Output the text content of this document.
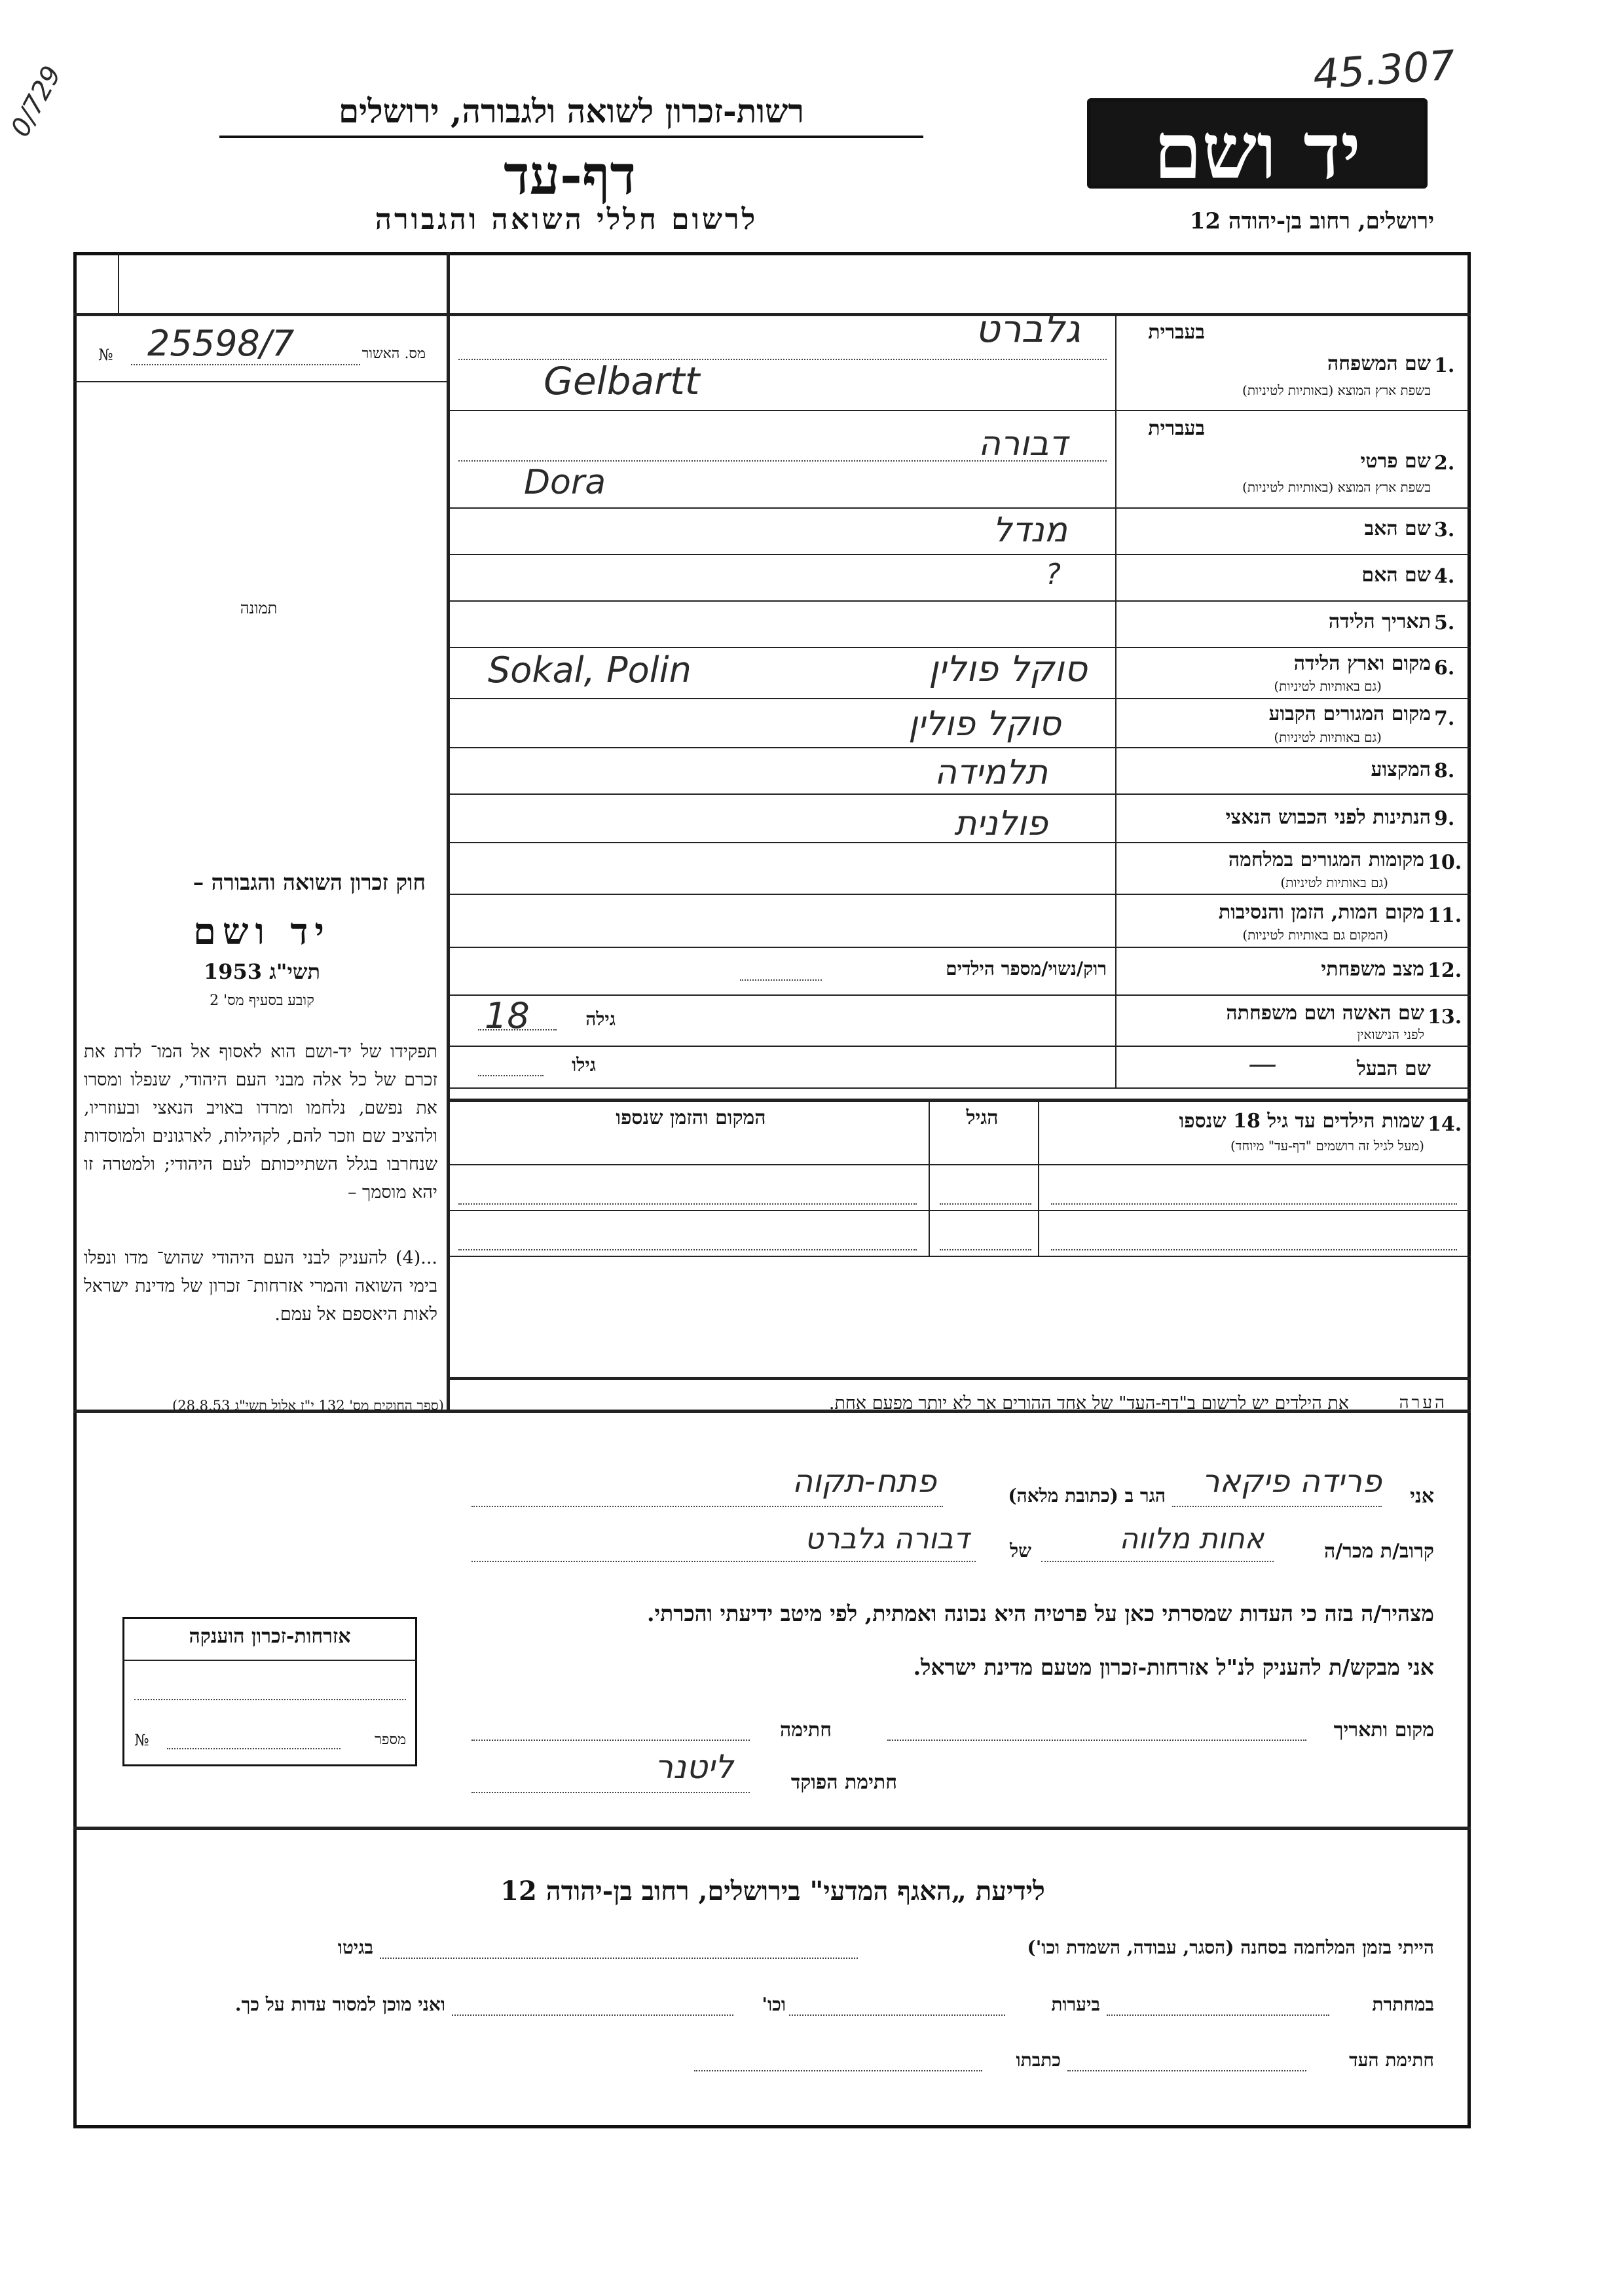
45.307
0/729	רשות-זכרון לשואה ולגבורה, ירושלים
דף-עד
לרשום חללי השואה והגבורה
יד ושם
ירושלים, רחוב בן-יהודה 12
מס. האשור
25598/7
№
תמונה
חוק זכרון השואה והגבורה –
יד ושם
תשי"ג 1953
קובע בסעיף מס' 2
תפקידו של יד-ושם הוא לאסוף אל המו־ לדת את זכרם של כל אלה מבני העם היהודי, שנפלו ומסרו את נפשם, נלחמו ומרדו באויב הנאצי ובעוזריו, ולהציב שם וזכר להם, לקהילות, לארגונים ולמוסדות שנחרבו בגלל השתייכותם לעם היהודי; ולמטרה זו יהא מוסמך –
...(4) להעניק לבני העם היהודי שהוש־ מדו ונפלו בימי השואה והמרי אזרחות־ זכרון של מדינת ישראל לאות היאספם אל עמם.
(ספר החוקים מס' 132 י"ז אלול תשי"ג 28.8.53)
בעברית
1.
שם המשפחה
בשפת ארץ המוצא (באותיות לטיניות)
גלברט
Gelbartt
בעברית
2.
שם פרטי
בשפת ארץ המוצא (באותיות לטיניות)
דבורה
Dora
3.
שם האב
מנדל
4.
שם האם
?
5.
תאריך הלידה
6.
מקום וארץ הלידה
(גם באותיות לטיניות)
סוקל פולין
Sokal, Polin
7.
מקום המגורים הקבוע
(גם באותיות לטיניות)
סוקל פולין
8.
המקצוע
תלמידה
9.
הנתינות לפני הכבוש הנאצי
פולנית
10.
מקומות המגורים במלחמה
(גם באותיות לטיניות)
11.
מקום המות, הזמן והנסיבות
(המקום גם באותיות לטיניות)
12.
מצב משפחתי
רוק/נשוי/מספר הילדים
13.
שם האשה ושם משפחתה
לפני הנישואין
גילה
18
שם הבעל
—
גילו
14.
שמות הילדים עד גיל 18 שנספו
(מעל לגיל זה רושמים "דף-עד" מיוחד)
הגיל
המקום והזמן שנספו
הערה
את הילדים יש לרשום ב"דף-העד" של אחד ההורים אך לא יותר מפעם אחת.
אני
פרידה פיקאר
הגר ב (כתובת מלאה)
פתח-תקוה
קרוב/ת מכר/ה
אחות מלווה
של
דבורה גלברט
מצהיר/ה בזה כי העדות שמסרתי כאן על פרטיה היא נכונה ואמתית, לפי מיטב ידיעתי והכרתי.
אני מבקש/ת להעניק לנ"ל אזרחות-זכרון מטעם מדינת ישראל.
מקום ותאריך
חתימה
חתימת הפוקד
ליטנר
אזרחות-זכרון הוענקה
מספר
№
לידיעת „האגף המדעי" בירושלים, רחוב בן-יהודה 12
בגיטו	הייתי בזמן המלחמה בסחנה (הסגר, עבודה, השמדת וכו')
במחתרת
ביערות
וכו'
ואני מוכן למסור עדות על כך.
חתימת העד
כתבתו
